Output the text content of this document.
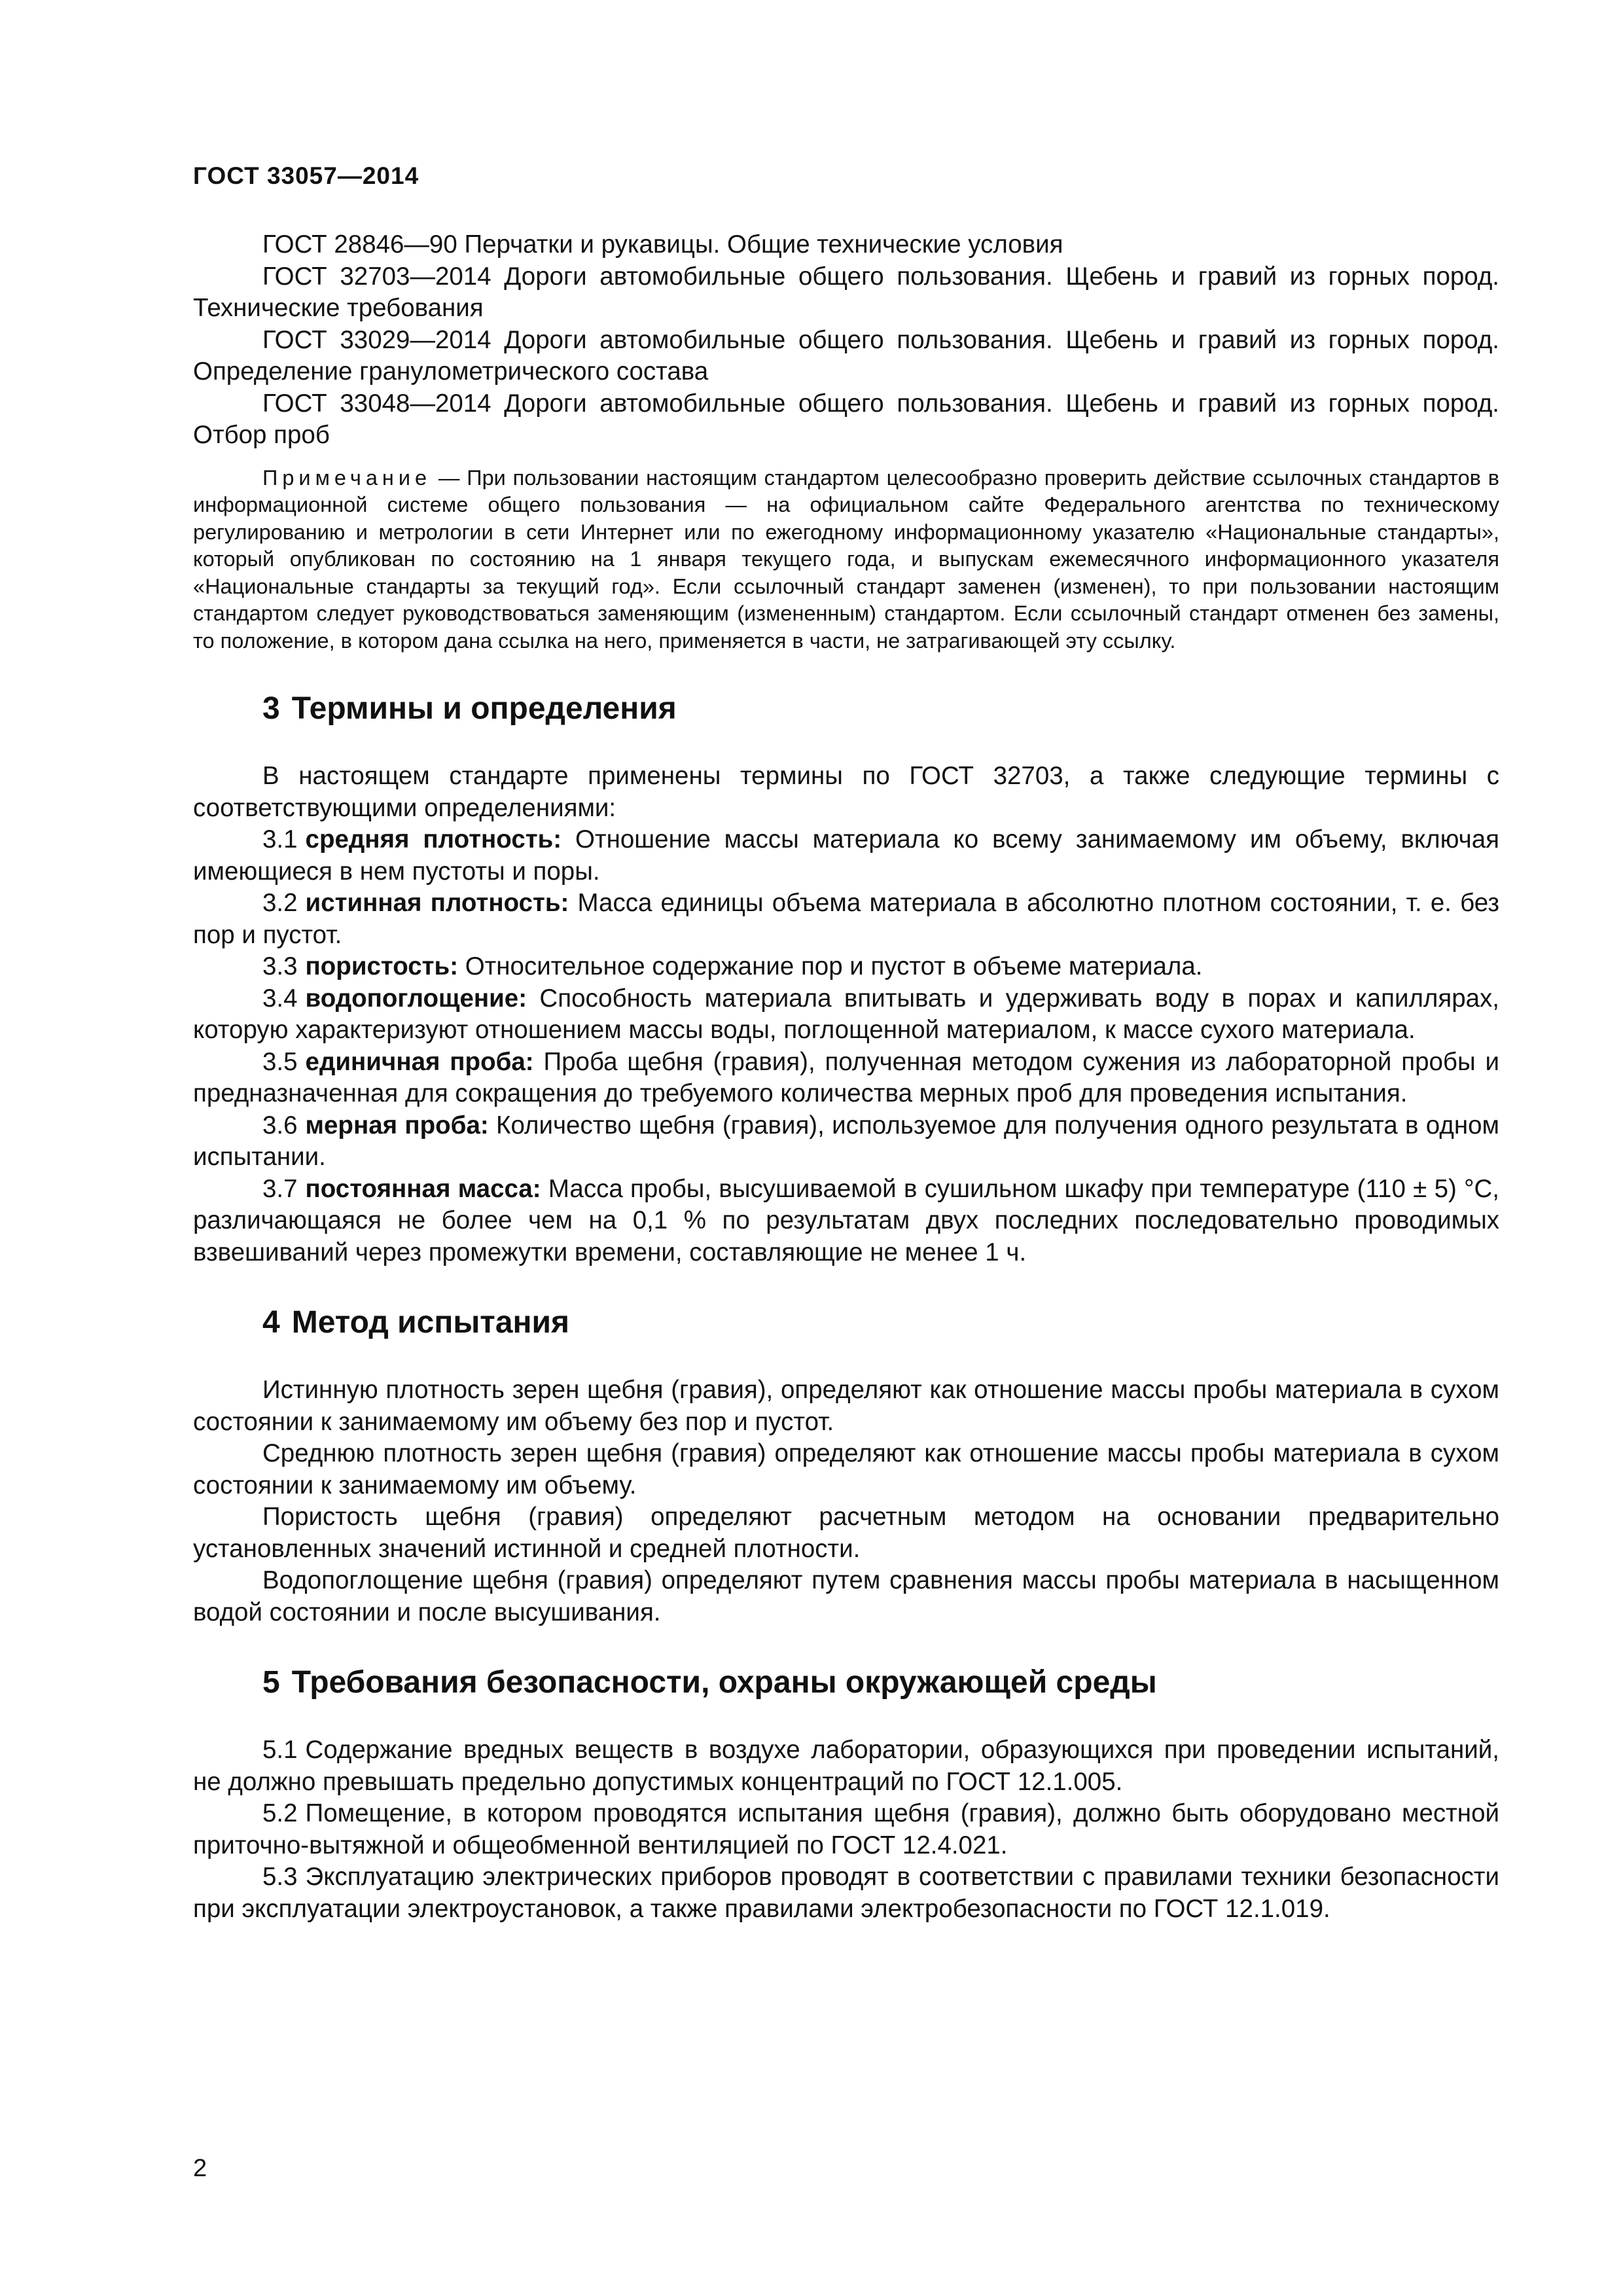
ГОСТ 33057—2014

ГОСТ 28846—90 Перчатки и рукавицы. Общие технические условия

ГОСТ 32703—2014 Дороги автомобильные общего пользования. Щебень и гравий из горных пород. Технические требования

ГОСТ 33029—2014 Дороги автомобильные общего пользования. Щебень и гравий из горных пород. Определение гранулометрического состава

ГОСТ 33048—2014 Дороги автомобильные общего пользования. Щебень и гравий из горных пород. Отбор проб

Примечание — При пользовании настоящим стандартом целесообразно проверить действие ссылочных стандартов в информационной системе общего пользования — на официальном сайте Федерального агентства по техническому регулированию и метрологии в сети Интернет или по ежегодному информационному указателю «Национальные стандарты», который опубликован по состоянию на 1 января текущего года, и выпускам ежемесячного информационного указателя «Национальные стандарты за текущий год». Если ссылочный стандарт заменен (изменен), то при пользовании настоящим стандартом следует руководствоваться заменяющим (измененным) стандартом. Если ссылочный стандарт отменен без замены, то положение, в котором дана ссылка на него, применяется в части, не затрагивающей эту ссылку.

3 Термины и определения

В настоящем стандарте применены термины по ГОСТ 32703, а также следующие термины с соответствующими определениями:

3.1 средняя плотность: Отношение массы материала ко всему занимаемому им объему, включая имеющиеся в нем пустоты и поры.

3.2 истинная плотность: Масса единицы объема материала в абсолютно плотном состоянии, т. е. без пор и пустот.

3.3 пористость: Относительное содержание пор и пустот в объеме материала.

3.4 водопоглощение: Способность материала впитывать и удерживать воду в порах и капиллярах, которую характеризуют отношением массы воды, поглощенной материалом, к массе сухого материала.

3.5 единичная проба: Проба щебня (гравия), полученная методом сужения из лабораторной пробы и предназначенная для сокращения до требуемого количества мерных проб для проведения испытания.

3.6 мерная проба: Количество щебня (гравия), используемое для получения одного результата в одном испытании.

3.7 постоянная масса: Масса пробы, высушиваемой в сушильном шкафу при температуре (110 ± 5) °С, различающаяся не более чем на 0,1 % по результатам двух последних последовательно проводимых взвешиваний через промежутки времени, составляющие не менее 1 ч.

4 Метод испытания

Истинную плотность зерен щебня (гравия), определяют как отношение массы пробы материала в сухом состоянии к занимаемому им объему без пор и пустот.

Среднюю плотность зерен щебня (гравия) определяют как отношение массы пробы материала в сухом состоянии к занимаемому им объему.

Пористость щебня (гравия) определяют расчетным методом на основании предварительно установленных значений истинной и средней плотности.

Водопоглощение щебня (гравия) определяют путем сравнения массы пробы материала в насыщенном водой состоянии и после высушивания.

5 Требования безопасности, охраны окружающей среды

5.1 Содержание вредных веществ в воздухе лаборатории, образующихся при проведении испытаний, не должно превышать предельно допустимых концентраций по ГОСТ 12.1.005.

5.2 Помещение, в котором проводятся испытания щебня (гравия), должно быть оборудовано местной приточно-вытяжной и общеобменной вентиляцией по ГОСТ 12.4.021.

5.3 Эксплуатацию электрических приборов проводят в соответствии с правилами техники безопасности при эксплуатации электроустановок, а также правилами электробезопасности по ГОСТ 12.1.019.

2
